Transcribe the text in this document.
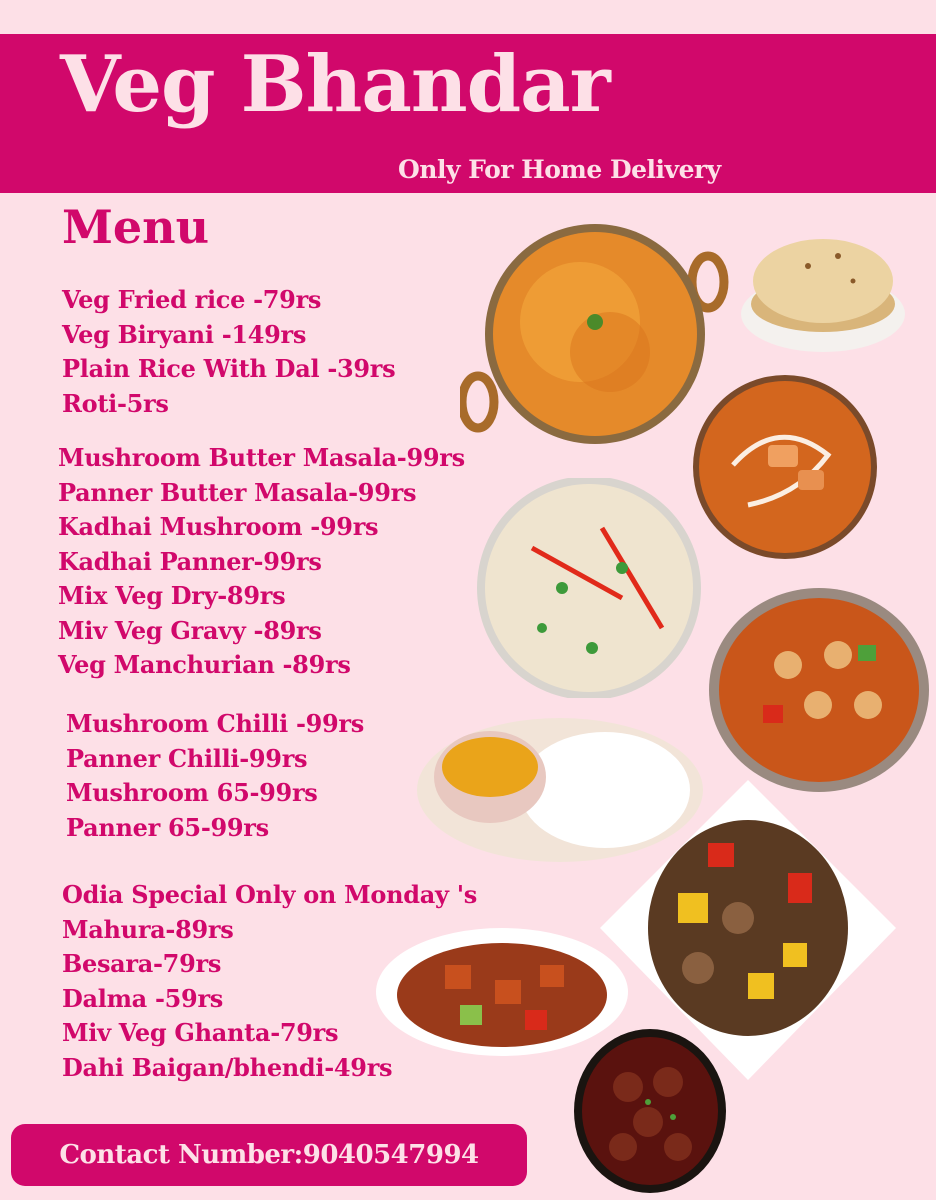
Veg Bhandar
Only For Home Delivery
Menu
Veg Fried rice -79rs
Veg Biryani -149rs
Plain Rice With Dal -39rs
Roti-5rs
Mushroom Butter Masala-99rs
Panner Butter Masala-99rs
Kadhai Mushroom -99rs
Kadhai Panner-99rs
Mix Veg Dry-89rs
Miv Veg Gravy -89rs
Veg Manchurian -89rs
Mushroom Chilli -99rs
Panner Chilli-99rs
Mushroom 65-99rs
Panner 65-99rs
Odia Special Only on Monday 's
Mahura-89rs
Besara-79rs
Dalma -59rs
Miv Veg Ghanta-79rs
Dahi Baigan/bhendi-49rs
Contact Number:9040547994
